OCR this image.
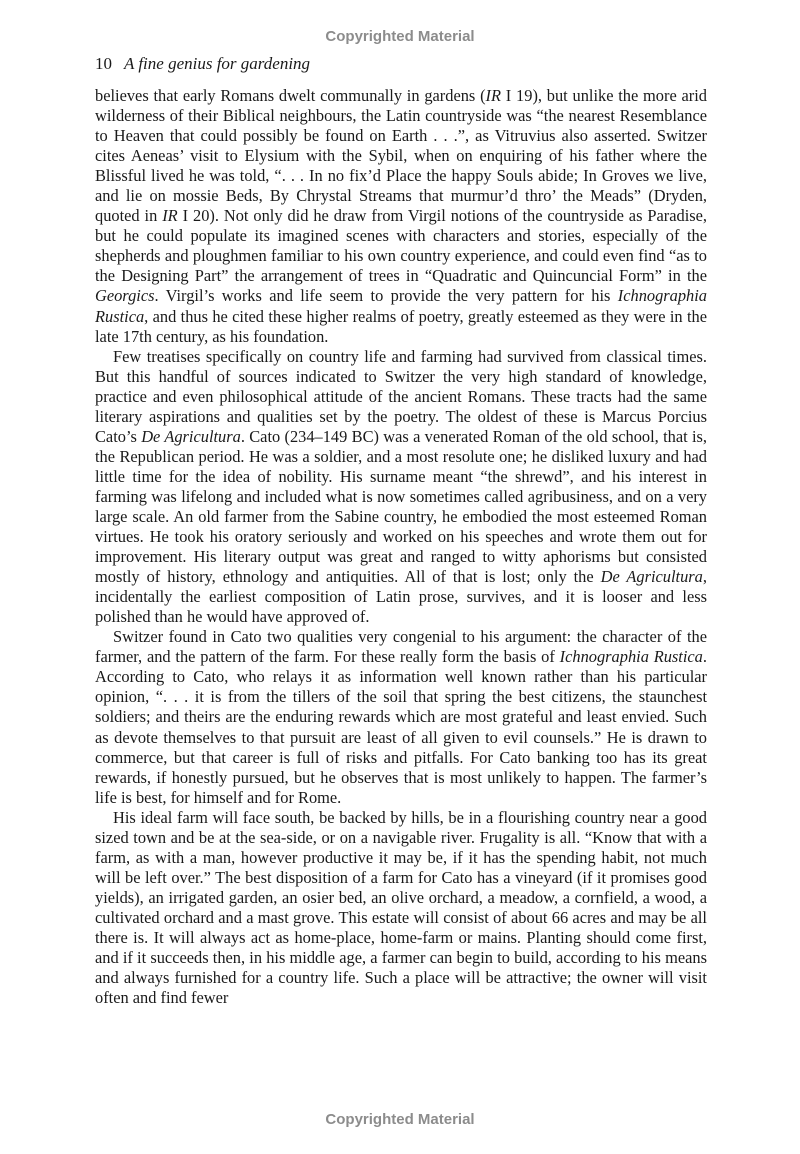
Copyrighted Material
10 A fine genius for gardening

believes that early Romans dwelt communally in gardens (IR I 19), but unlike the more arid wilderness of their Biblical neighbours, the Latin countryside was “the nearest Resemblance to Heaven that could possibly be found on Earth . . .”, as Vitruvius also asserted. Switzer cites Aeneas’ visit to Elysium with the Sybil, when on enquiring of his father where the Blissful lived he was told, “. . . In no fix’d Place the happy Souls abide; In Groves we live, and lie on mossie Beds, By Chrystal Streams that murmur’d thro’ the Meads” (Dryden, quoted in IR I 20). Not only did he draw from Virgil notions of the countryside as Paradise, but he could populate its imagined scenes with characters and stories, especially of the shepherds and ploughmen familiar to his own country experience, and could even find “as to the Designing Part” the arrangement of trees in “Quadratic and Quincuncial Form” in the Georgics. Virgil’s works and life seem to provide the very pattern for his Ichnographia Rustica, and thus he cited these higher realms of poetry, greatly esteemed as they were in the late 17th century, as his foundation.

Few treatises specifically on country life and farming had survived from classical times. But this handful of sources indicated to Switzer the very high standard of knowledge, practice and even philosophical attitude of the ancient Romans. These tracts had the same literary aspirations and qualities set by the poetry. The oldest of these is Marcus Porcius Cato’s De Agricultura. Cato (234–149 BC) was a venerated Roman of the old school, that is, the Republican period. He was a soldier, and a most resolute one; he disliked luxury and had little time for the idea of nobility. His surname meant “the shrewd”, and his interest in farming was lifelong and included what is now sometimes called agribusiness, and on a very large scale. An old farmer from the Sabine country, he embodied the most esteemed Roman virtues. He took his oratory seriously and worked on his speeches and wrote them out for improvement. His literary output was great and ranged to witty aphorisms but consisted mostly of history, ethnology and antiquities. All of that is lost; only the De Agricultura, incidentally the earliest composition of Latin prose, survives, and it is looser and less polished than he would have approved of.

Switzer found in Cato two qualities very congenial to his argument: the character of the farmer, and the pattern of the farm. For these really form the basis of Ichnographia Rustica. According to Cato, who relays it as information well known rather than his particular opinion, “. . . it is from the tillers of the soil that spring the best citizens, the staunchest soldiers; and theirs are the enduring rewards which are most grateful and least envied. Such as devote themselves to that pursuit are least of all given to evil counsels.” He is drawn to commerce, but that career is full of risks and pitfalls. For Cato banking too has its great rewards, if honestly pursued, but he observes that is most unlikely to happen. The farmer’s life is best, for himself and for Rome.

His ideal farm will face south, be backed by hills, be in a flourishing country near a good sized town and be at the sea-side, or on a navigable river. Frugality is all. “Know that with a farm, as with a man, however productive it may be, if it has the spending habit, not much will be left over.” The best disposition of a farm for Cato has a vineyard (if it promises good yields), an irrigated garden, an osier bed, an olive orchard, a meadow, a cornfield, a wood, a cultivated orchard and a mast grove. This estate will consist of about 66 acres and may be all there is. It will always act as home-place, home-farm or mains. Planting should come first, and if it succeeds then, in his middle age, a farmer can begin to build, according to his means and always furnished for a country life. Such a place will be attractive; the owner will visit often and find fewer

Copyrighted Material
